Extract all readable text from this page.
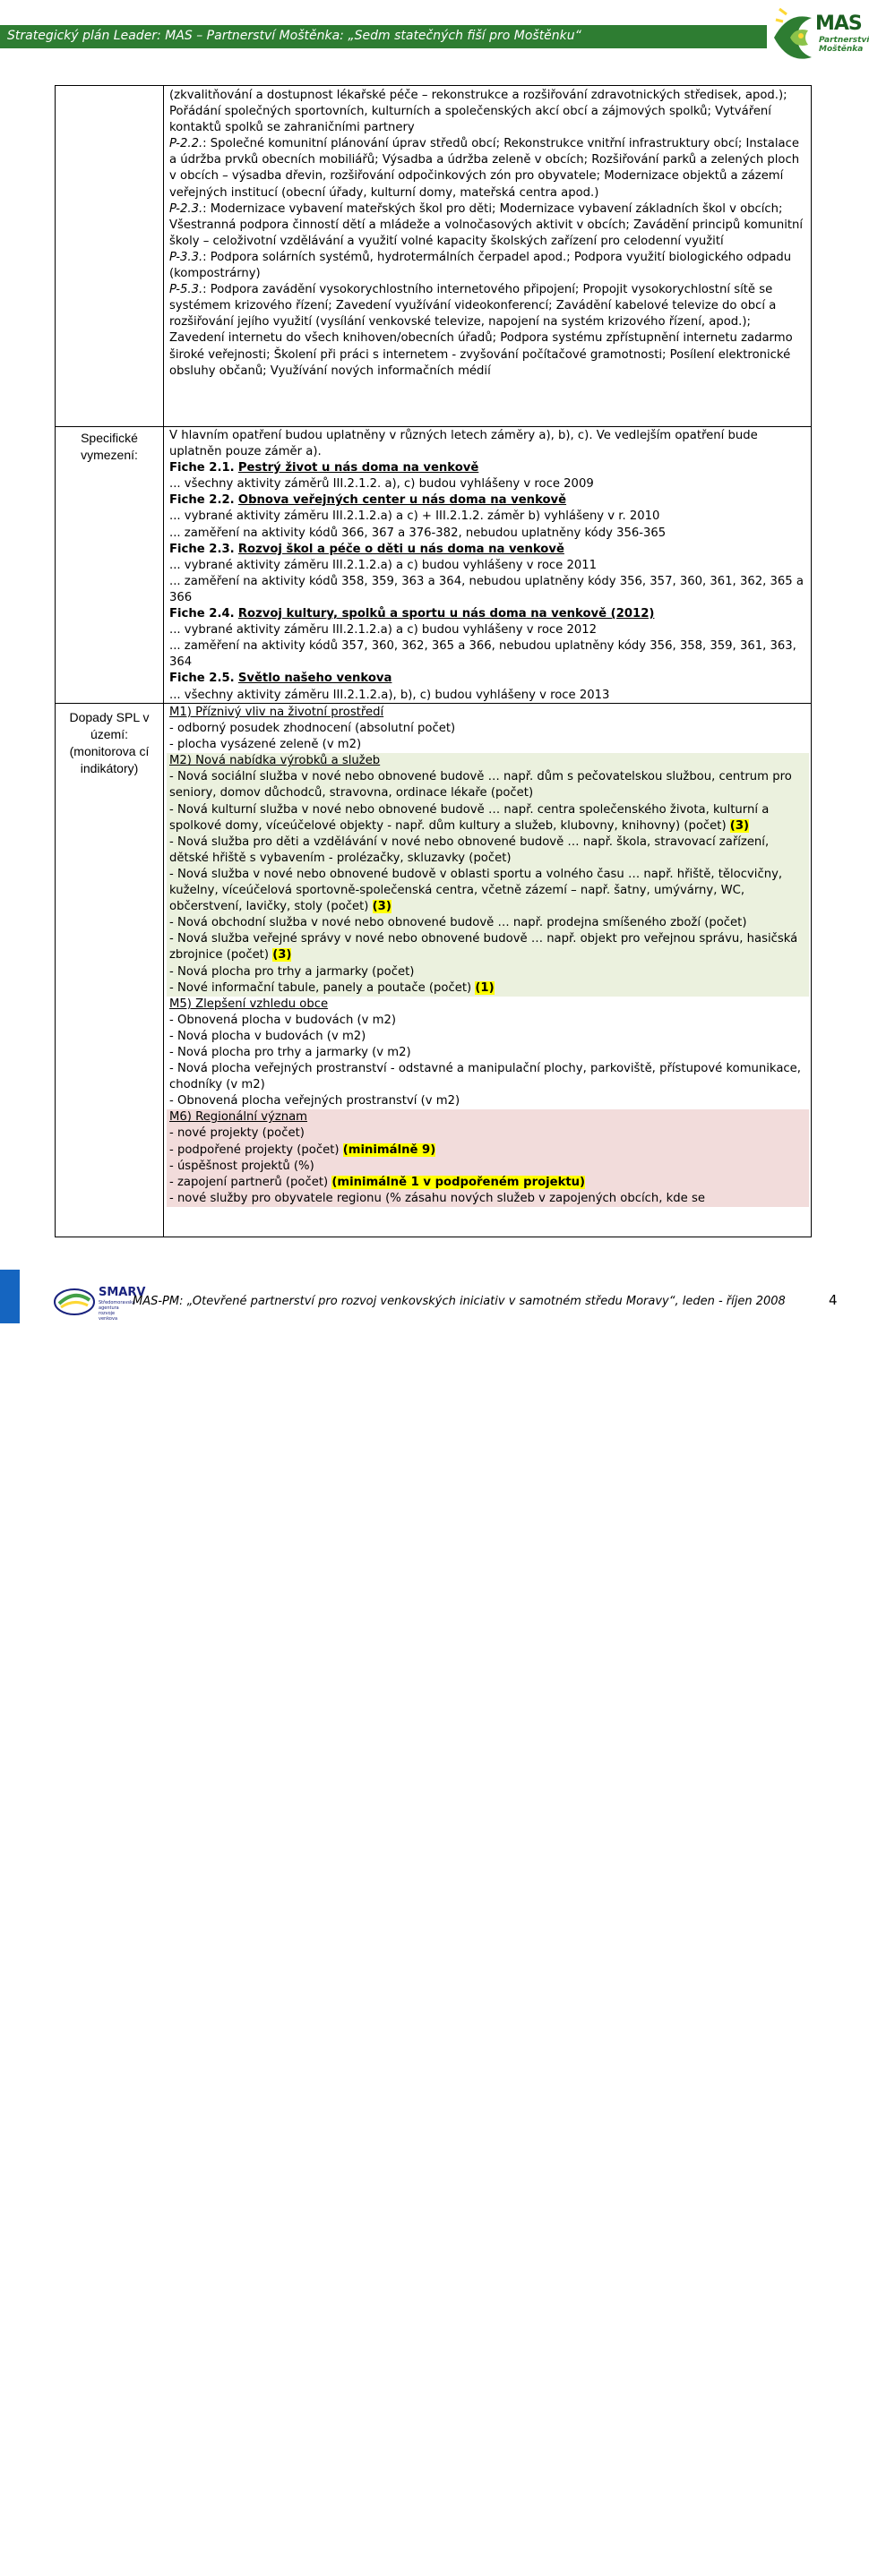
Strategický plán Leader: MAS – Partnerství Moštěnka: „Sedm statečných fiší pro Moštěnku“
MAS
Partnerství
Moštěnka
Specifické vymezení:
Dopady SPL v území: (monitorova cí indikátory)

(zkvalitňování a dostupnost lékařské péče – rekonstrukce a rozšiřování zdravotnických středisek, apod.); Pořádání společných sportovních, kulturních a společenských akcí obcí a zájmových spolků; Vytváření kontaktů spolků se zahraničními partnery

P-2.2.: Společné komunitní plánování úprav středů obcí; Rekonstrukce vnitřní infrastruktury obcí; Instalace a údržba prvků obecních mobiliářů; Výsadba a údržba zeleně v obcích; Rozšiřování parků a zelených ploch v obcích – výsadba dřevin, rozšiřování odpočinkových zón pro obyvatele; Modernizace objektů a zázemí veřejných institucí (obecní úřady, kulturní domy, mateřská centra apod.)

P-2.3.: Modernizace vybavení mateřských škol pro děti; Modernizace vybavení základních škol v obcích; Všestranná podpora činností dětí a mládeže a volnočasových aktivit v obcích; Zavádění principů komunitní školy – celoživotní vzdělávání a využití volné kapacity školských zařízení pro celodenní využití

P-3.3.: Podpora solárních systémů, hydrotermálních čerpadel apod.; Podpora využití biologického odpadu (kompostrárny)

P-5.3.: Podpora zavádění vysokorychlostního internetového připojení; Propojit vysokorychlostní sítě se systémem krizového řízení; Zavedení využívání videokonferencí; Zavádění kabelové televize do obcí a rozšiřování jejího využití (vysílání venkovské televize, napojení na systém krizového řízení, apod.); Zavedení internetu do všech knihoven/obecních úřadů; Podpora systému zpřístupnění internetu zadarmo široké veřejnosti; Školení při práci s internetem - zvyšování počítačové gramotnosti; Posílení elektronické obsluhy občanů; Využívání nových informačních médií

V hlavním opatření budou uplatněny v různých letech záměry a), b), c). Ve vedlejším opatření bude uplatněn pouze záměr a).

Fiche 2.1. Pestrý život u nás doma na venkově

... všechny aktivity záměrů III.2.1.2. a), c) budou vyhlášeny v roce 2009

Fiche 2.2. Obnova veřejných center u nás doma na venkově

... vybrané aktivity záměru III.2.1.2.a) a c) + III.2.1.2. záměr b) vyhlášeny v r. 2010

... zaměření na aktivity kódů 366, 367 a 376-382, nebudou uplatněny kódy 356-365

Fiche 2.3. Rozvoj škol a péče o děti u nás doma na venkově

... vybrané aktivity záměru III.2.1.2.a) a c) budou vyhlášeny v roce 2011

... zaměření na aktivity kódů 358, 359, 363 a 364, nebudou uplatněny kódy 356, 357, 360, 361, 362, 365 a 366

Fiche 2.4. Rozvoj kultury, spolků a sportu u nás doma na venkově (2012)

... vybrané aktivity záměru III.2.1.2.a) a c) budou vyhlášeny v roce 2012

... zaměření na aktivity kódů 357, 360, 362, 365 a 366, nebudou uplatněny kódy 356, 358, 359, 361, 363, 364

Fiche 2.5. Světlo našeho venkova

... všechny aktivity záměru III.2.1.2.a), b), c) budou vyhlášeny v roce 2013

M1) Příznivý vliv na životní prostředí

- odborný posudek zhodnocení (absolutní počet)

- plocha vysázené zeleně (v m2)

M2) Nová nabídka výrobků a služeb

- Nová sociální služba v nové nebo obnovené budově … např. dům s pečovatelskou službou, centrum pro seniory, domov důchodců, stravovna, ordinace lékaře (počet)

- Nová kulturní služba v nové nebo obnovené budově … např. centra společenského života, kulturní a spolkové domy, víceúčelové objekty - např. dům kultury a služeb, klubovny, knihovny) (počet) (3)

- Nová služba pro děti a vzdělávání v nové nebo obnovené budově … např. škola, stravovací zařízení, dětské hřiště s vybavením - prolézačky, skluzavky (počet)

- Nová služba v nové nebo obnovené budově v oblasti sportu a volného času … např. hřiště, tělocvičny, kuželny, víceúčelová sportovně-společenská centra, včetně zázemí – např. šatny, umývárny, WC, občerstvení, lavičky, stoly (počet) (3)

- Nová obchodní služba v nové nebo obnovené budově … např. prodejna smíšeného zboží (počet)

- Nová služba veřejné správy v nové nebo obnovené budově … např. objekt pro veřejnou správu, hasičská zbrojnice (počet) (3)

- Nová plocha pro trhy a jarmarky (počet)

- Nové informační tabule, panely a poutače (počet) (1)

M5) Zlepšení vzhledu obce

- Obnovená plocha v budovách (v m2)

- Nová plocha v budovách (v m2)

- Nová plocha pro trhy a jarmarky (v m2)

- Nová plocha veřejných prostranství - odstavné a manipulační plochy, parkoviště, přístupové komunikace, chodníky (v m2)

- Obnovená plocha veřejných prostranství (v m2)

M6) Regionální význam

- nové projekty (počet)

- podpořené projekty (počet) (minimálně 9)

- úspěšnost projektů (%)

- zapojení partnerů (počet) (minimálně 1 v podpořeném projektu)

- nové služby pro obyvatele regionu (% zásahu nových služeb v zapojených obcích, kde se

LEADER
SMARV
Středomoravská agentura rozvoje venkova
MAS-PM: „Otevřené partnerství pro rozvoj venkovských iniciativ v samotném středu Moravy“, leden - říjen 2008	4
